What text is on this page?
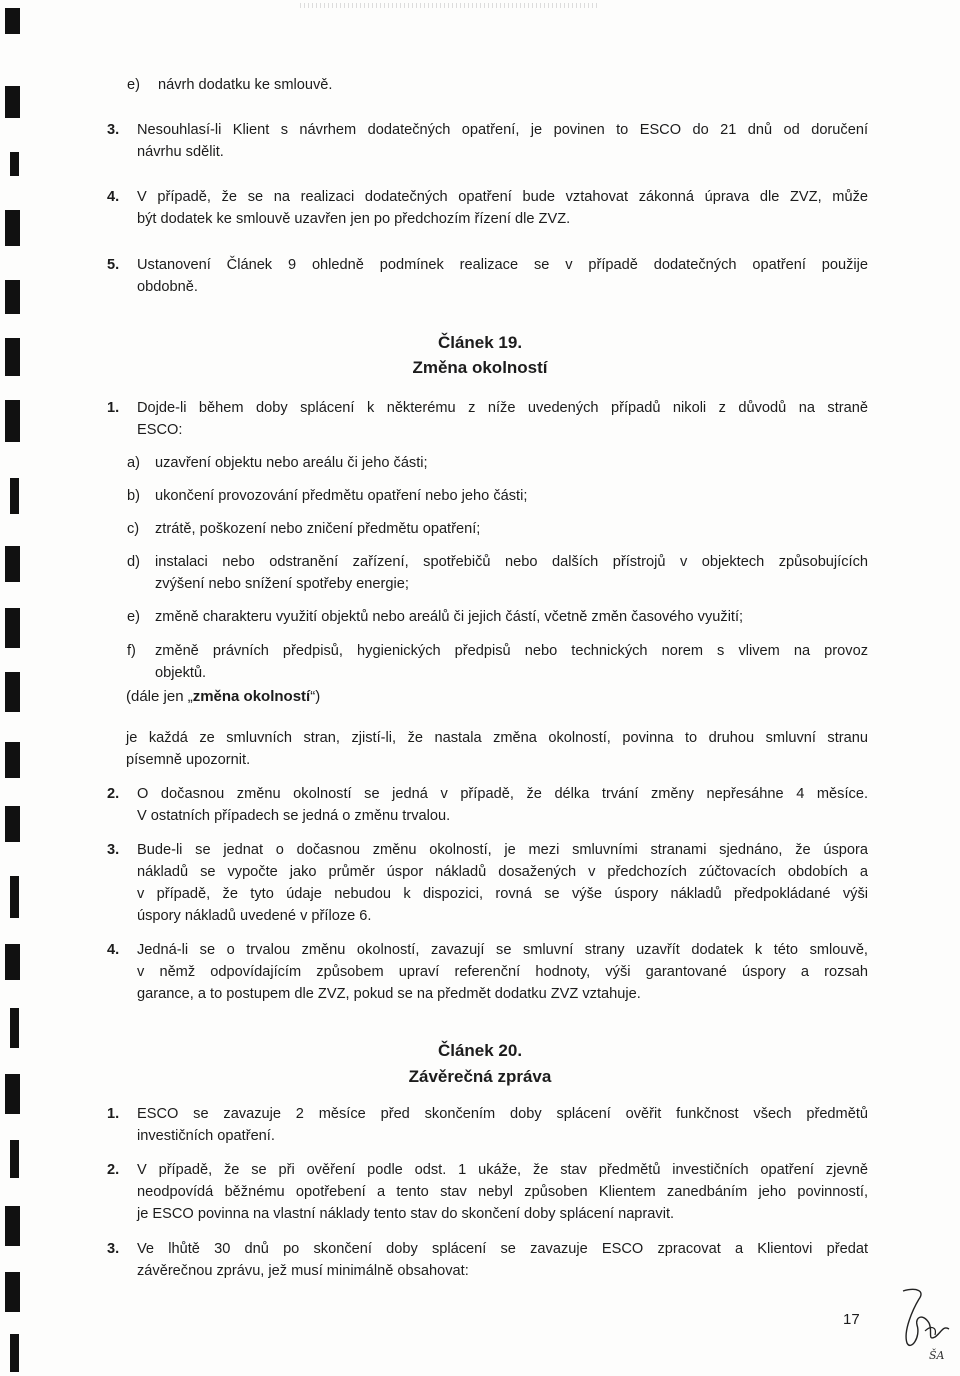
e) návrh dodatku ke smlouvě.
3. Nesouhlasí-li Klient s návrhem dodatečných opatření, je povinen to ESCO do 21 dnů od doručení
návrhu sdělit.
4. V případě, že se na realizaci dodatečných opatření bude vztahovat zákonná úprava dle ZVZ, může
být dodatek ke smlouvě uzavřen jen po předchozím řízení dle ZVZ.
5. Ustanovení Článek 9 ohledně podmínek realizace se v případě dodatečných opatření použije
obdobně.
Článek 19.
Změna okolností
1. Dojde-li během doby splácení k některému z níže uvedených případů nikoli z důvodů na straně
ESCO:
a) uzavření objektu nebo areálu či jeho části;
b) ukončení provozování předmětu opatření nebo jeho části;
c) ztrátě, poškození nebo zničení předmětu opatření;
d) instalaci nebo odstranění zařízení, spotřebičů nebo dalších přístrojů v objektech způsobujících
zvýšení nebo snížení spotřeby energie;
e) změně charakteru využití objektů nebo areálů či jejich částí, včetně změn časového využití;
f) změně právních předpisů, hygienických předpisů nebo technických norem s vlivem na provoz
objektů.
(dále jen „změna okolností“)
je každá ze smluvních stran, zjistí-li, že nastala změna okolností, povinna to druhou smluvní stranu
písemně upozornit.
2. O dočasnou změnu okolností se jedná v případě, že délka trvání změny nepřesáhne 4 měsíce.
V ostatních případech se jedná o změnu trvalou.
3. Bude-li se jednat o dočasnou změnu okolností, je mezi smluvními stranami sjednáno, že úspora
nákladů se vypočte jako průměr úspor nákladů dosažených v předchozích zúčtovacích obdobích a
v případě, že tyto údaje nebudou k dispozici, rovná se výše úspory nákladů předpokládané výši
úspory nákladů uvedené v příloze 6.
4. Jedná-li se o trvalou změnu okolností, zavazují se smluvní strany uzavřít dodatek k této smlouvě,
v němž odpovídajícím způsobem upraví referenční hodnoty, výši garantované úspory a rozsah
garance, a to postupem dle ZVZ, pokud se na předmět dodatku ZVZ vztahuje.
Článek 20.
Závěrečná zpráva
1. ESCO se zavazuje 2 měsíce před skončením doby splácení ověřit funkčnost všech předmětů
investičních opatření.
2. V případě, že se při ověření podle odst. 1 ukáže, že stav předmětů investičních opatření zjevně
neodpovídá běžnému opotřebení a tento stav nebyl způsoben Klientem zanedbáním jeho povinností,
je ESCO povinna na vlastní náklady tento stav do skončení doby splácení napravit.
3. Ve lhůtě 30 dnů po skončení doby splácení se zavazuje ESCO zpracovat a Klientovi předat
závěrečnou zprávu, jež musí minimálně obsahovat:
17
ŠA
